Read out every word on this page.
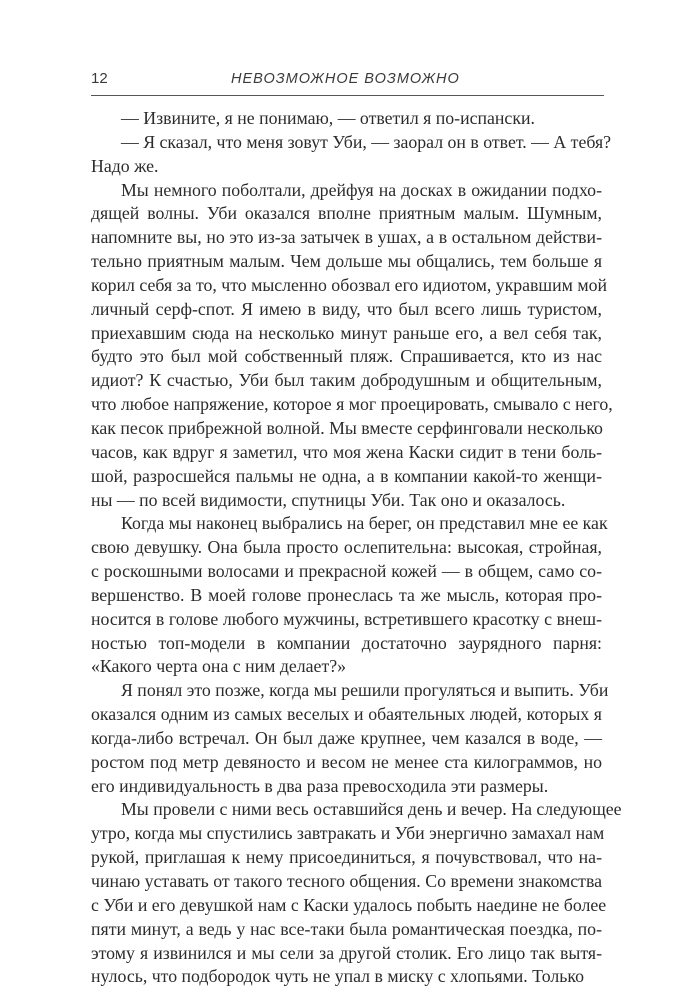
12	НЕВОЗМОЖНОЕ ВОЗМОЖНО
— Извините, я не понимаю, — ответил я по-испански.
— Я сказал, что меня зовут Уби, — заорал он в ответ. — А тебя?
Надо же.
Мы немного поболтали, дрейфуя на досках в ожидании подхо-
дящей волны. Уби оказался вполне приятным малым. Шумным,
напомните вы, но это из-за затычек в ушах, а в остальном действи-
тельно приятным малым. Чем дольше мы общались, тем больше я
корил себя за то, что мысленно обозвал его идиотом, укравшим мой
личный серф-спот. Я имею в виду, что был всего лишь туристом,
приехавшим сюда на несколько минут раньше его, а вел себя так,
будто это был мой собственный пляж. Спрашивается, кто из нас
идиот? К счастью, Уби был таким добродушным и общительным,
что любое напряжение, которое я мог проецировать, смывало с него,
как песок прибрежной волной. Мы вместе серфинговали несколько
часов, как вдруг я заметил, что моя жена Каски сидит в тени боль-
шой, разросшейся пальмы не одна, а в компании какой-то женщи-
ны — по всей видимости, спутницы Уби. Так оно и оказалось.
Когда мы наконец выбрались на берег, он представил мне ее как
свою девушку. Она была просто ослепительна: высокая, стройная,
с роскошными волосами и прекрасной кожей — в общем, само со-
вершенство. В моей голове пронеслась та же мысль, которая про-
носится в голове любого мужчины, встретившего красотку с внеш-
ностью топ-модели в компании достаточно заурядного парня:
«Какого черта она с ним делает?»
Я понял это позже, когда мы решили прогуляться и выпить. Уби
оказался одним из самых веселых и обаятельных людей, которых я
когда-либо встречал. Он был даже крупнее, чем казался в воде, —
ростом под метр девяносто и весом не менее ста килограммов, но
его индивидуальность в два раза превосходила эти размеры.
Мы провели с ними весь оставшийся день и вечер. На следующее
утро, когда мы спустились завтракать и Уби энергично замахал нам
рукой, приглашая к нему присоединиться, я почувствовал, что на-
чинаю уставать от такого тесного общения. Со времени знакомства
с Уби и его девушкой нам с Каски удалось побыть наедине не более
пяти минут, а ведь у нас все-таки была романтическая поездка, по-
этому я извинился и мы сели за другой столик. Его лицо так вытя-
нулось, что подбородок чуть не упал в миску с хлопьями. Только
